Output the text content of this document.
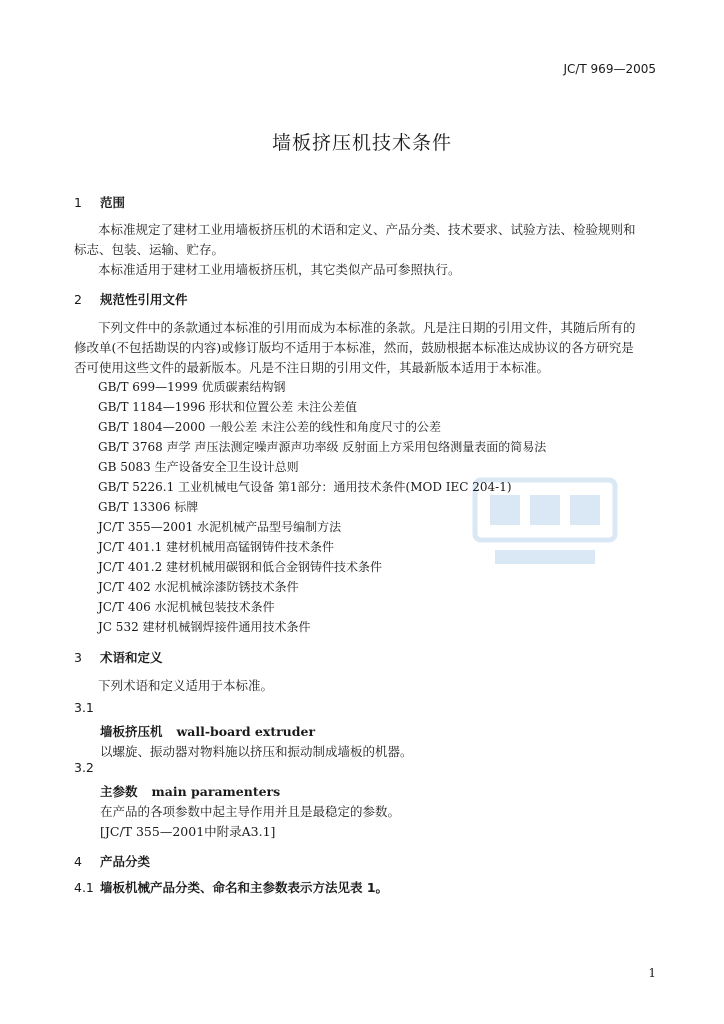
JC/T 969—2005
墙板挤压机技术条件
1 范围
本标准规定了建材工业用墙板挤压机的术语和定义、产品分类、技术要求、试验方法、检验规则和
标志、包装、运输、贮存。
本标准适用于建材工业用墙板挤压机，其它类似产品可参照执行。
2 规范性引用文件
下列文件中的条款通过本标准的引用而成为本标准的条款。凡是注日期的引用文件，其随后所有的
修改单(不包括勘误的内容)或修订版均不适用于本标准，然而，鼓励根据本标准达成协议的各方研究是
否可使用这些文件的最新版本。凡是不注日期的引用文件，其最新版本适用于本标准。
GB/T 699—1999 优质碳素结构钢
GB/T 1184—1996 形状和位置公差 未注公差值
GB/T 1804—2000 一般公差 未注公差的线性和角度尺寸的公差
GB/T 3768 声学 声压法测定噪声源声功率级 反射面上方采用包络测量表面的简易法
GB 5083 生产设备安全卫生设计总则
GB/T 5226.1 工业机械电气设备 第1部分：通用技术条件(MOD IEC 204-1)
GB/T 13306 标牌
JC/T 355—2001 水泥机械产品型号编制方法
JC/T 401.1 建材机械用高锰钢铸件技术条件
JC/T 401.2 建材机械用碳钢和低合金钢铸件技术条件
JC/T 402 水泥机械涂漆防锈技术条件
JC/T 406 水泥机械包装技术条件
JC 532 建材机械钢焊接件通用技术条件
3 术语和定义
下列术语和定义适用于本标准。
3.1
墙板挤压机 wall-board extruder
以螺旋、振动器对物料施以挤压和振动制成墙板的机器。
3.2
主参数 main paramenters
在产品的各项参数中起主导作用并且是最稳定的参数。
[JC/T 355—2001中附录A3.1]
4 产品分类
4.1 墙板机械产品分类、命名和主参数表示方法见表 1。
1
